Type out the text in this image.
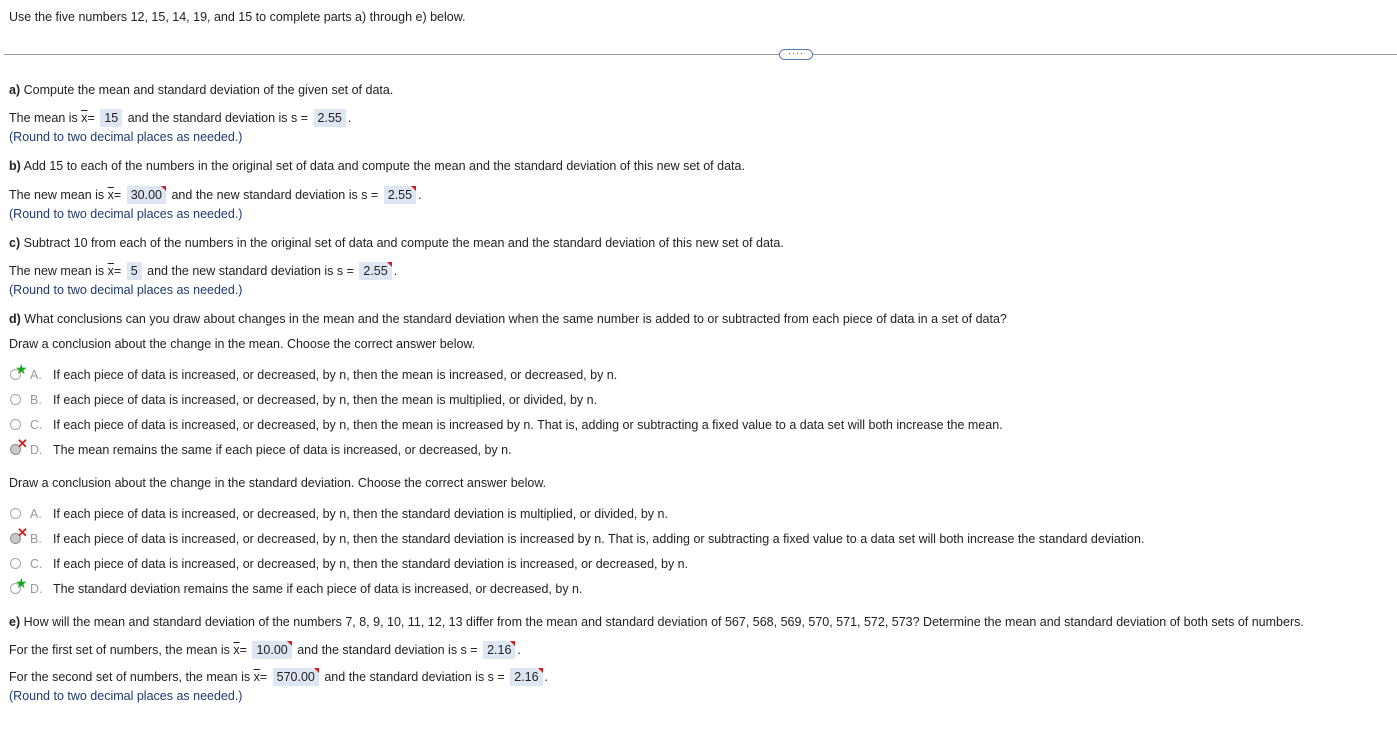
Use the five numbers 12, 15, 14, 19, and 15 to complete parts a) through e) below.
····
a) Compute the mean and standard deviation of the given set of data.
The mean is $\overline{x}= 15$ and the standard deviation is s = 2.55 .
(Round to two decimal places as needed.)
b) Add 15 to each of the numbers in the original set of data and compute the mean and the standard deviation of this new set of data.
The new mean is $\overline{x}= 30.00$ and the new standard deviation is s = 2.55 .
(Round to two decimal places as needed.)
c) Subtract 10 from each of the numbers in the original set of data and compute the mean and the standard deviation of this new set of data.
The new mean is $\overline{x}= 5$ and the new standard deviation is s = 2.55 .
(Round to two decimal places as needed.)
d) What conclusions can you draw about changes in the mean and the standard deviation when the same number is added to or subtracted from each piece of data in a set of data?
Draw a conclusion about the change in the mean. Choose the correct answer below.
★ A. If each piece of data is increased, or decreased, by n, then the mean is increased, or decreased, by n.
B. If each piece of data is increased, or decreased, by n, then the mean is multiplied, or divided, by n.
C. If each piece of data is increased, or decreased, by n, then the mean is increased by n. That is, adding or subtracting a fixed value to a data set will both increase the mean.
✕ D. The mean remains the same if each piece of data is increased, or decreased, by n.
Draw a conclusion about the change in the standard deviation. Choose the correct answer below.
A. If each piece of data is increased, or decreased, by n, then the standard deviation is multiplied, or divided, by n.
✕ B. If each piece of data is increased, or decreased, by n, then the standard deviation is increased by n. That is, adding or subtracting a fixed value to a data set will both increase the standard deviation.
C. If each piece of data is increased, or decreased, by n, then the standard deviation is increased, or decreased, by n.
★ D. The standard deviation remains the same if each piece of data is increased, or decreased, by n.
e) How will the mean and standard deviation of the numbers 7, 8, 9, 10, 11, 12, 13 differ from the mean and standard deviation of 567, 568, 569, 570, 571, 572, 573? Determine the mean and standard deviation of both sets of numbers.
For the first set of numbers, the mean is $\overline{x}= 10.00$ and the standard deviation is s = 2.16 .
For the second set of numbers, the mean is $\overline{x}= 570.00$ and the standard deviation is s = 2.16 .
(Round to two decimal places as needed.)
